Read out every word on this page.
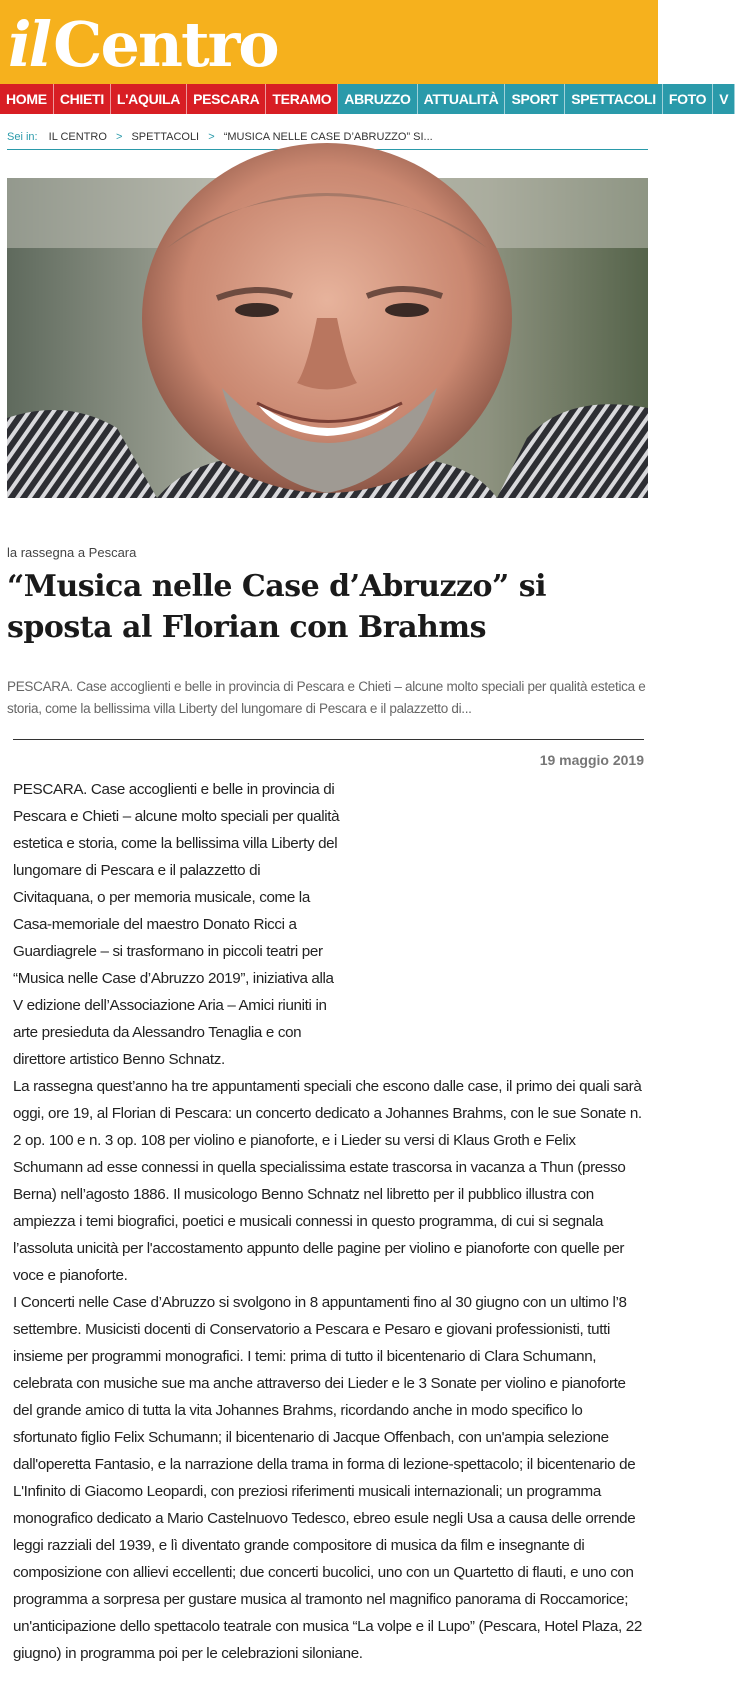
ilCentro
HOME CHIETI L'AQUILA PESCARA TERAMO ABRUZZO ATTUALITÀ SPORT SPETTACOLI FOTO V
Sei in: IL CENTRO > SPETTACOLI > “MUSICA NELLE CASE D’ABRUZZO” SI...
la rassegna a Pescara
“Musica nelle Case d’Abruzzo” si sposta al Florian con Brahms

PESCARA. Case accoglienti e belle in provincia di Pescara e Chieti – alcune molto speciali per qualità estetica e storia, come la bellissima villa Liberty del lungomare di Pescara e il palazzetto di...

19 maggio 2019

PESCARA. Case accoglienti e belle in provincia di Pescara e Chieti – alcune molto speciali per qualità estetica e storia, come la bellissima villa Liberty del lungomare di Pescara e il palazzetto di Civitaquana, o per memoria musicale, come la Casa-memoriale del maestro Donato Ricci a Guardiagrele – si trasformano in piccoli teatri per “Musica nelle Case d’Abruzzo 2019”, iniziativa alla V edizione dell’Associazione Aria – Amici riuniti in arte presieduta da Alessandro Tenaglia e con direttore artistico Benno Schnatz.

La rassegna quest’anno ha tre appuntamenti speciali che escono dalle case, il primo dei quali sarà oggi, ore 19, al Florian di Pescara: un concerto dedicato a Johannes Brahms, con le sue Sonate n. 2 op. 100 e n. 3 op. 108 per violino e pianoforte, e i Lieder su versi di Klaus Groth e Felix Schumann ad esse connessi in quella specialissima estate trascorsa in vacanza a Thun (presso Berna) nell’agosto 1886. Il musicologo Benno Schnatz nel libretto per il pubblico illustra con ampiezza i temi biografici, poetici e musicali connessi in questo programma, di cui si segnala l’assoluta unicità per l'accostamento appunto delle pagine per violino e pianoforte con quelle per voce e pianoforte.

I Concerti nelle Case d’Abruzzo si svolgono in 8 appuntamenti fino al 30 giugno con un ultimo l’8 settembre. Musicisti docenti di Conservatorio a Pescara e Pesaro e giovani professionisti, tutti insieme per programmi monografici. I temi: prima di tutto il bicentenario di Clara Schumann, celebrata con musiche sue ma anche attraverso dei Lieder e le 3 Sonate per violino e pianoforte del grande amico di tutta la vita Johannes Brahms, ricordando anche in modo specifico lo sfortunato figlio Felix Schumann; il bicentenario di Jacque Offenbach, con un'ampia selezione dall'operetta Fantasio, e la narrazione della trama in forma di lezione-spettacolo; il bicentenario de L'Infinito di Giacomo Leopardi, con preziosi riferimenti musicali internazionali; un programma monografico dedicato a Mario Castelnuovo Tedesco, ebreo esule negli Usa a causa delle orrende leggi razziali del 1939, e lì diventato grande compositore di musica da film e insegnante di composizione con allievi eccellenti; due concerti bucolici, uno con un Quartetto di flauti, e uno con programma a sorpresa per gustare musica al tramonto nel magnifico panorama di Roccamorice; un'anticipazione dello spettacolo teatrale con musica “La volpe e il Lupo” (Pescara, Hotel Plaza, 22 giugno) in programma poi per le celebrazioni siloniane.
